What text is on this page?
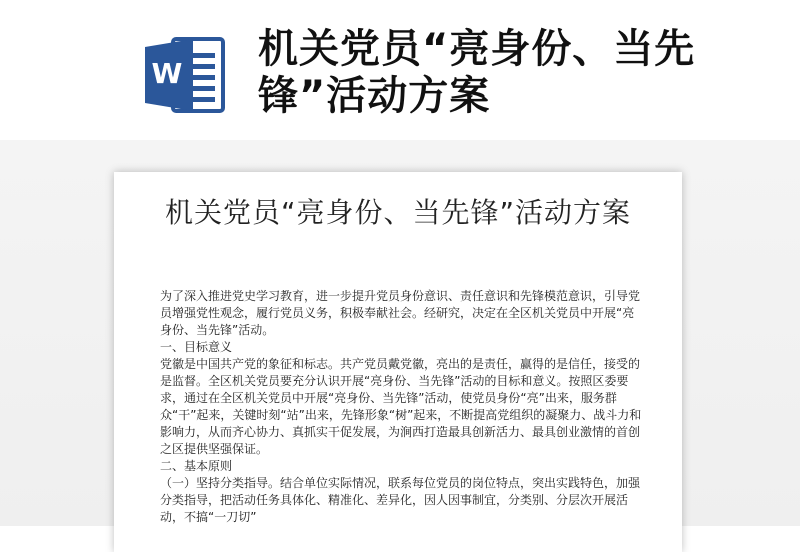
W
机关党员“亮身份、当先锋”活动方案
机关党员“亮身份、当先锋”活动方案

为了深入推进党史学习教育，进一步提升党员身份意识、责任意识和先锋模范意识，引导党员增强党性观念，履行党员义务，积极奉献社会。经研究，决定在全区机关党员中开展“亮身份、当先锋”活动。

一、目标意义

党徽是中国共产党的象征和标志。共产党员戴党徽，亮出的是责任，赢得的是信任，接受的是监督。全区机关党员要充分认识开展“亮身份、当先锋”活动的目标和意义。按照区委要求，通过在全区机关党员中开展“亮身份、当先锋”活动，使党员身份“亮”出来，服务群众“干”起来，关键时刻“站”出来，先锋形象“树”起来，不断提高党组织的凝聚力、战斗力和影响力，从而齐心协力、真抓实干促发展，为涧西打造最具创新活力、最具创业激情的首创之区提供坚强保证。

二、基本原则

（一）坚持分类指导。结合单位实际情况，联系每位党员的岗位特点，突出实践特色，加强分类指导，把活动任务具体化、精准化、差异化，因人因事制宜，分类别、分层次开展活动，不搞“一刀切”
